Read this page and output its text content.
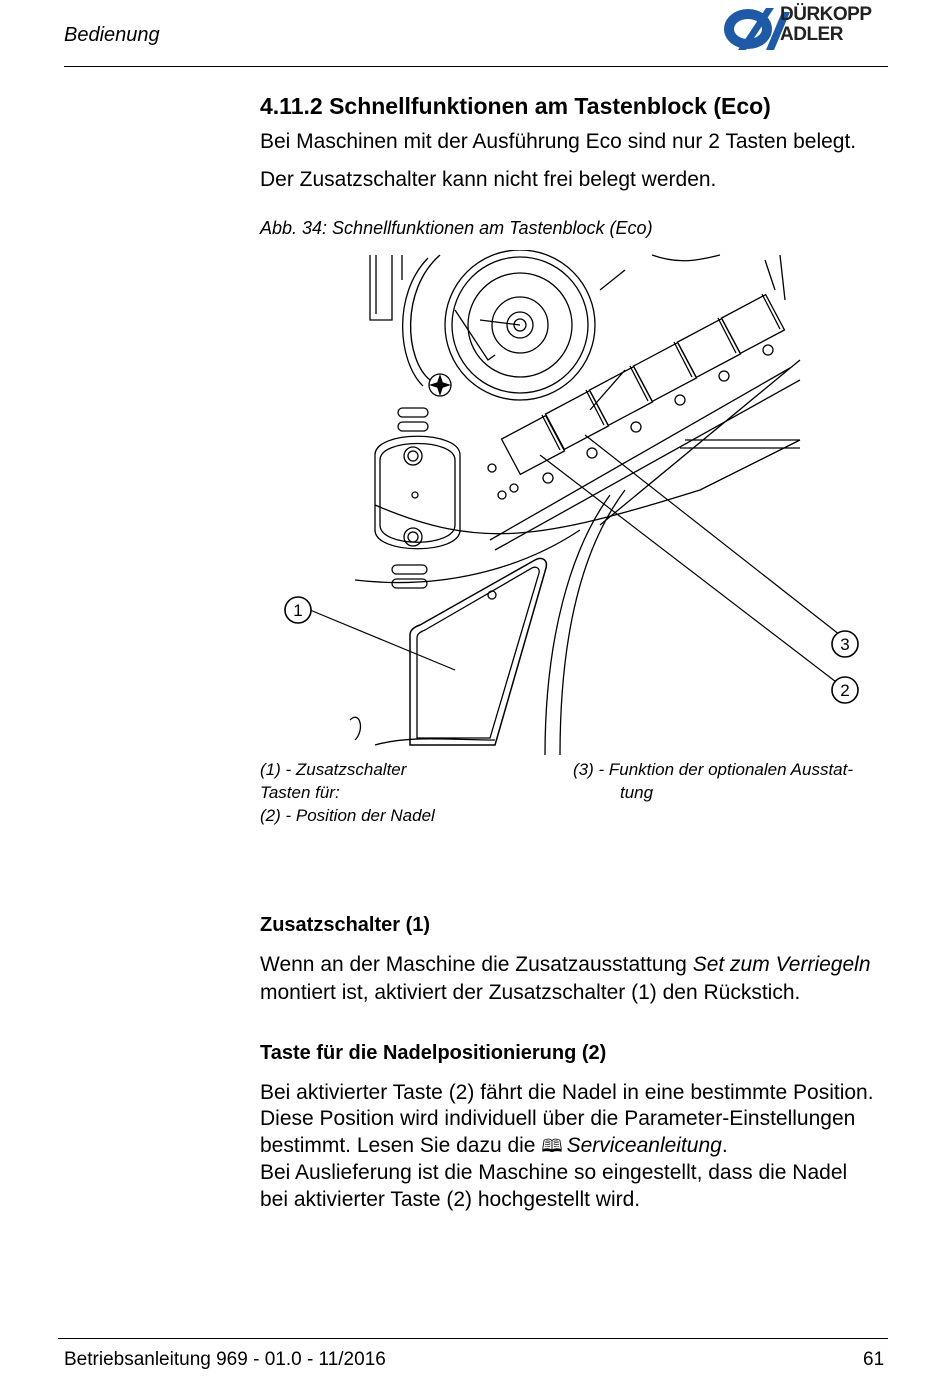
Bedienung
DÜRKOPP
ADLER
4.11.2 Schnellfunktionen am Tastenblock (Eco)
Bei Maschinen mit der Ausführung Eco sind nur 2 Tasten belegt.
Der Zusatzschalter kann nicht frei belegt werden.
Abb. 34: Schnellfunktionen am Tastenblock (Eco)
1
3
2
(1) - Zusatzschalter
Tasten für:
(2) - Position der Nadel
(3) - Funktion der optionalen Ausstat-
tung
Zusatzschalter (1)
Wenn an der Maschine die Zusatzausstattung Set zum Verriegeln
montiert ist, aktiviert der Zusatzschalter (1) den Rückstich.
Taste für die Nadelpositionierung (2)
Bei aktivierter Taste (2) fährt die Nadel in eine bestimmte Position.
Diese Position wird individuell über die Parameter-Einstellungen
bestimmt. Lesen Sie dazu die 🕮 Serviceanleitung.
Bei Auslieferung ist die Maschine so eingestellt, dass die Nadel
bei aktivierter Taste (2) hochgestellt wird.
Betriebsanleitung 969 - 01.0 - 11/2016	61
